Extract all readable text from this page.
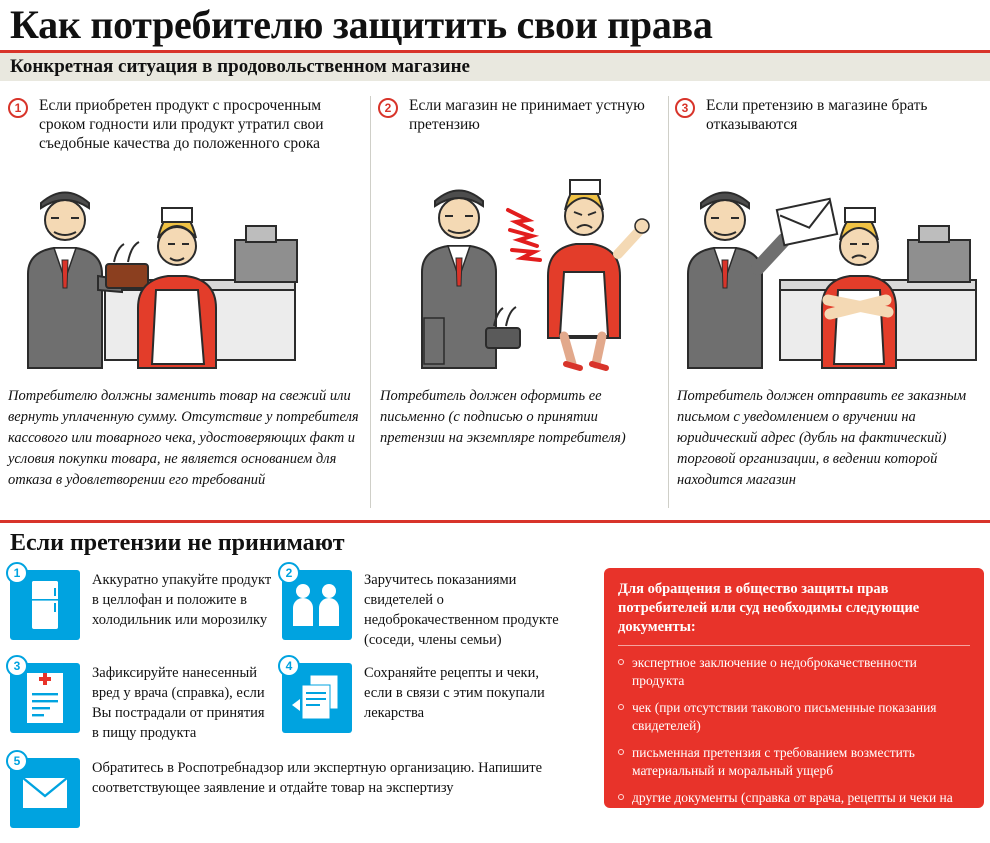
Как потребителю защитить свои права
Конкретная ситуация в продовольственном магазине
1	Если приобретен продукт с просроченным сроком годности или продукт утратил свои съедобные качества до положенного срока
2	Если магазин не принимает устную претензию
3	Если претензию в магазине брать отказываются
Потребителю должны заменить товар на свежий или вернуть уплаченную сумму. Отсутствие у потребителя кассового или товарного чека, удостоверяющих факт и условия покупки товара, не является основанием для отказа в удовлетворении его требований
Потребитель должен оформить ее письменно (с подписью о принятии претензии на экземпляре потребителя)
Потребитель должен отправить ее заказным письмом с уведомлением о вручении на юридический адрес (дубль на фактический) торговой организации, в ведении которой находится магазин
Если претензии не принимают
1	Аккуратно упакуйте продукт в целлофан и положите в холодильник или морозилку
2	Заручитесь показаниями свидетелей о недоброкачественном продукте (соседи, члены семьи)
3	Зафиксируйте нанесенный вред у врача (справка), если Вы пострадали от принятия в пищу продукта
4	Сохраняйте рецепты и чеки, если в связи с этим покупали лекарства
5	Обратитесь в Роспотребнадзор или экспертную организацию. Напишите соответствующее заявление и отдайте товар на экспертизу
Для обращения в общество защиты прав потребителей или суд необходимы следующие документы:
экспертное заключение о недоброкачественности продукта
чек (при отсутствии такового письменные показания свидетелей)
письменная претензия с требованием возместить материальный и моральный ущерб
другие документы (справка от врача, рецепты и чеки на лекарства и др.)
